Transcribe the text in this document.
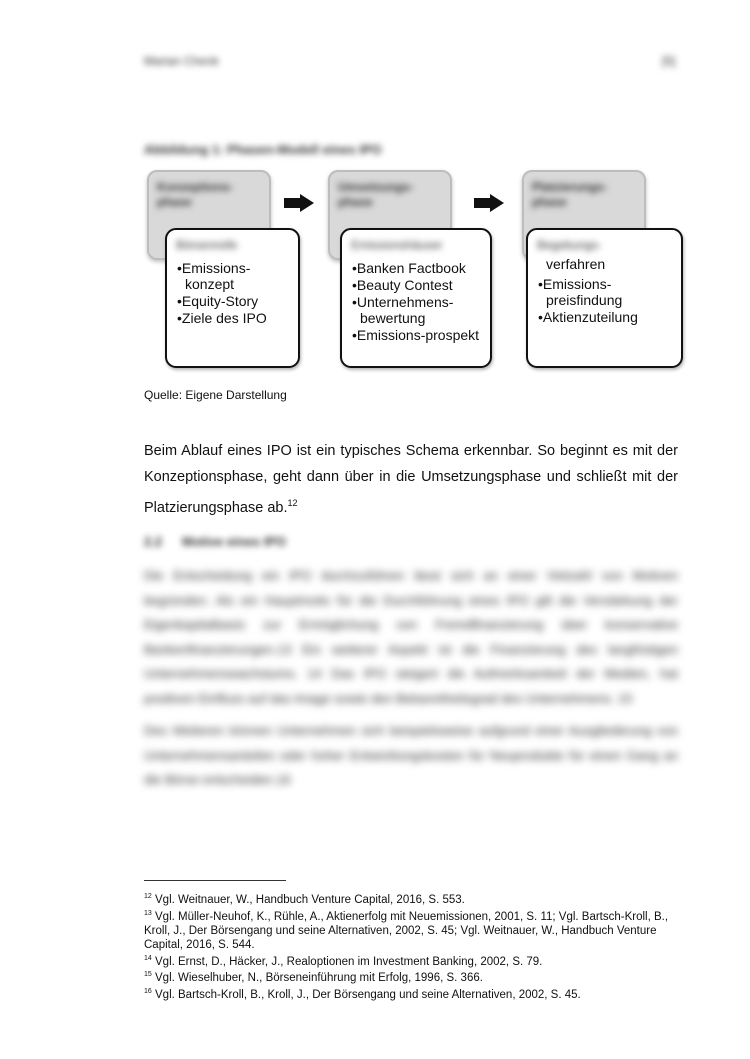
Marian Chenk	[5]
Abbildung 1: Phasen-Modell eines IPO
Konzeptions-phase
Umsetzungs-phase
Platzierungs-phase
Börsenreife
• Emissions-konzept
• Equity-Story
• Ziele des IPO
Emissionshäuser
• Banken Factbook
• Beauty Contest
• Unternehmens-bewertung
• Emissions-prospekt
Begebungs-
verfahren
• Emissions-preisfindung
• Aktienzuteilung
Quelle: Eigene Darstellung
Beim Ablauf eines IPO ist ein typisches Schema erkennbar. So beginnt es mit der Konzeptionsphase, geht dann über in die Umsetzungsphase und schließt mit der Platzierungsphase ab.$^{12}$
2.2 Motive eines IPO
Die Entscheidung ein IPO durchzuführen lässt sich an einer Vielzahl von Motiven begründen. Als ein Hauptmotiv für die Durchführung eines IPO gilt die Verstärkung der Eigenkapitalbasis zur Ermöglichung von Fremdfinanzierung über konservative Bankenfinanzierungen.13 Ein weiterer Aspekt ist die Finanzierung des langfristigen Unternehmenswachstums. 14 Das IPO steigert die Aufmerksamkeit der Medien, hat positiven Einfluss auf das Image sowie den Bekanntheitsgrad des Unternehmens. 15
Des Weiteren können Unternehmen sich beispielsweise aufgrund einer Ausgliederung von Unternehmensanteilen oder hoher Entwicklungskosten für Neuprodukte für einen Gang an die Börse entscheiden.16

$^{12}$ Vgl. Weitnauer, W., Handbuch Venture Capital, 2016, S. 553.

$^{13}$ Vgl. Müller-Neuhof, K., Rühle, A., Aktienerfolg mit Neuemissionen, 2001, S. 11; Vgl. Bartsch-Kroll, B., Kroll, J., Der Börsengang und seine Alternativen, 2002, S. 45; Vgl. Weitnauer, W., Handbuch Venture Capital, 2016, S. 544.

$^{14}$ Vgl. Ernst, D., Häcker, J., Realoptionen im Investment Banking, 2002, S. 79.

$^{15}$ Vgl. Wieselhuber, N., Börseneinführung mit Erfolg, 1996, S. 366.

$^{16}$ Vgl. Bartsch-Kroll, B., Kroll, J., Der Börsengang und seine Alternativen, 2002, S. 45.
